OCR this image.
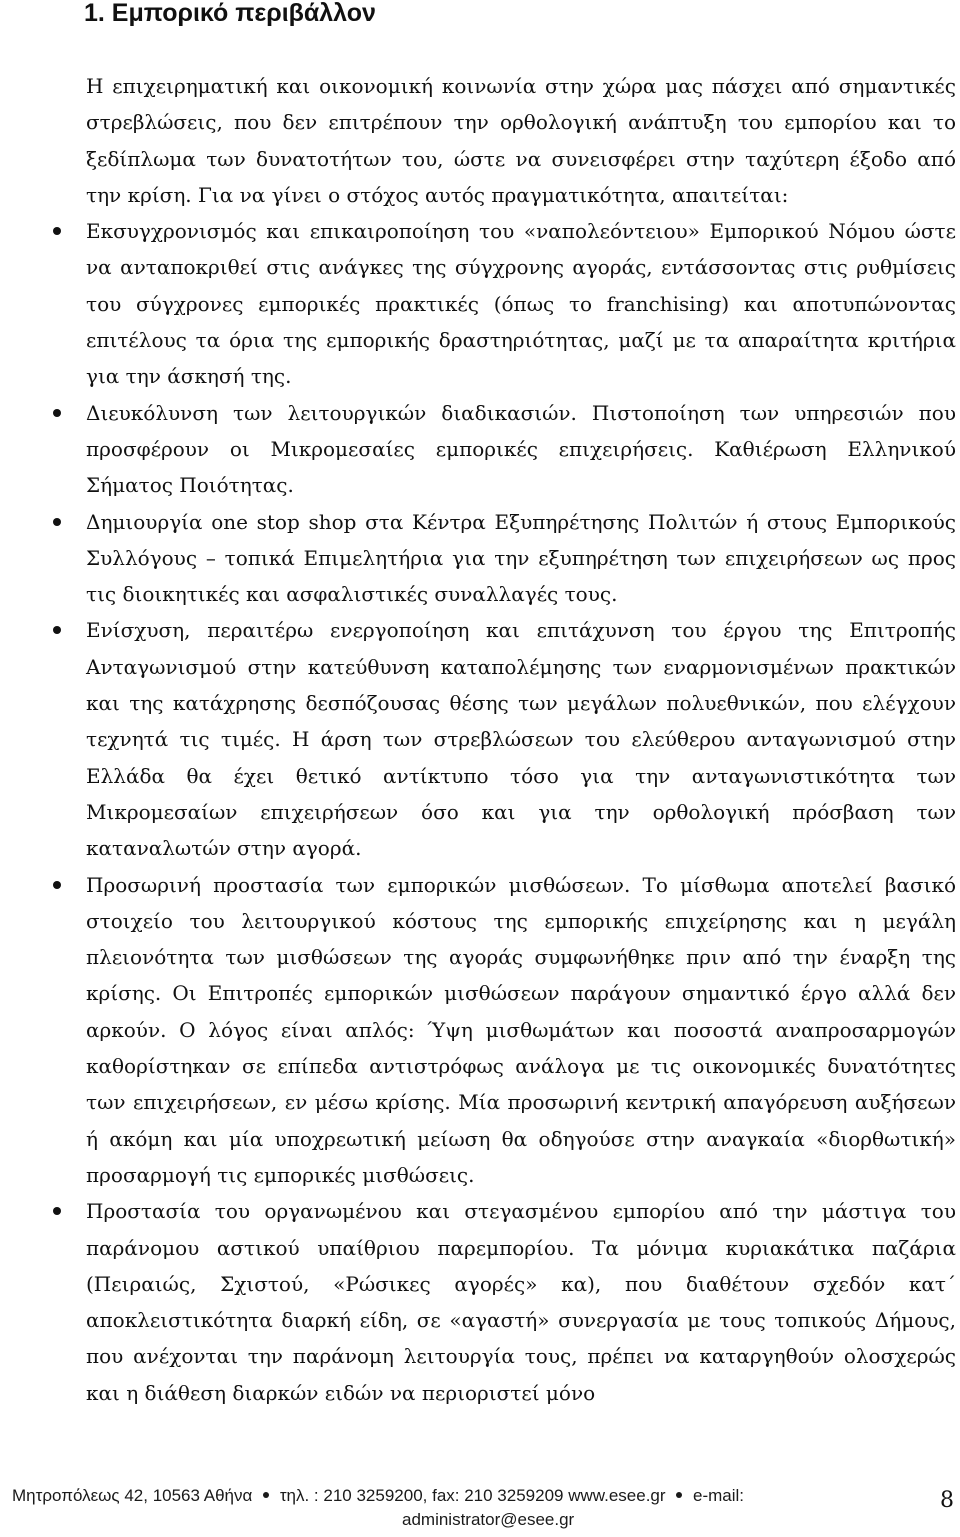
1. Εμπορικό περιβάλλον

Η επιχειρηματική και οικονομική κοινωνία στην χώρα μας πάσχει από σημαντικές στρεβλώσεις, που δεν επιτρέπουν την ορθολογική ανάπτυξη του εμπορίου και το ξεδίπλωμα των δυνατοτήτων του, ώστε να συνεισφέρει στην ταχύτερη έξοδο από την κρίση. Για να γίνει ο στόχος αυτός πραγματικότητα, απαιτείται:

Εκσυγχρονισμός και επικαιροποίηση του «ναπολεόντειου» Εμπορικού Νόμου ώστε να ανταποκριθεί στις ανάγκες της σύγχρονης αγοράς, εντάσσοντας στις ρυθμίσεις του σύγχρονες εμπορικές πρακτικές (όπως το franchising) και αποτυπώνοντας επιτέλους τα όρια της εμπορικής δραστηριότητας, μαζί με τα απαραίτητα κριτήρια για την άσκησή της.
Διευκόλυνση των λειτουργικών διαδικασιών. Πιστοποίηση των υπηρεσιών που προσφέρουν οι Μικρομεσαίες εμπορικές επιχειρήσεις. Καθιέρωση Ελληνικού Σήματος Ποιότητας.
Δημιουργία one stop shop στα Κέντρα Εξυπηρέτησης Πολιτών ή στους Εμπορικούς Συλλόγους – τοπικά Επιμελητήρια για την εξυπηρέτηση των επιχειρήσεων ως προς τις διοικητικές και ασφαλιστικές συναλλαγές τους.
Ενίσχυση, περαιτέρω ενεργοποίηση και επιτάχυνση του έργου της Επιτροπής Ανταγωνισμού στην κατεύθυνση καταπολέμησης των εναρμονισμένων πρακτικών και της κατάχρησης δεσπόζουσας θέσης των μεγάλων πολυεθνικών, που ελέγχουν τεχνητά τις τιμές. Η άρση των στρεβλώσεων του ελεύθερου ανταγωνισμού στην Ελλάδα θα έχει θετικό αντίκτυπο τόσο για την ανταγωνιστικότητα των Μικρομεσαίων επιχειρήσεων όσο και για την ορθολογική πρόσβαση των καταναλωτών στην αγορά.
Προσωρινή προστασία των εμπορικών μισθώσεων. Το μίσθωμα αποτελεί βασικό στοιχείο του λειτουργικού κόστους της εμπορικής επιχείρησης και η μεγάλη πλειονότητα των μισθώσεων της αγοράς συμφωνήθηκε πριν από την έναρξη της κρίσης. Οι Επιτροπές εμπορικών μισθώσεων παράγουν σημαντικό έργο αλλά δεν αρκούν. Ο λόγος είναι απλός: Ύψη μισθωμάτων και ποσοστά αναπροσαρμογών καθορίστηκαν σε επίπεδα αντιστρόφως ανάλογα με τις οικονομικές δυνατότητες των επιχειρήσεων, εν μέσω κρίσης. Μία προσωρινή κεντρική απαγόρευση αυξήσεων ή ακόμη και μία υποχρεωτική μείωση θα οδηγούσε στην αναγκαία «διορθωτική» προσαρμογή τις εμπορικές μισθώσεις.
Προστασία του οργανωμένου και στεγασμένου εμπορίου από την μάστιγα του παράνομου αστικού υπαίθριου παρεμπορίου. Τα μόνιμα κυριακάτικα παζάρια (Πειραιώς, Σχιστού, «Ρώσικες αγορές» κα), που διαθέτουν σχεδόν κατ΄ αποκλειστικότητα διαρκή είδη, σε «αγαστή» συνεργασία με τους τοπικούς Δήμους, που ανέχονται την παράνομη λειτουργία τους, πρέπει να καταργηθούν ολοσχερώς και η διάθεση διαρκών ειδών να περιοριστεί μόνο
Μητροπόλεως 42, 10563 Αθήνα τηλ. : 210 3259200, fax: 210 3259209 www.esee.gr e-mail:
administrator@esee.gr
8
